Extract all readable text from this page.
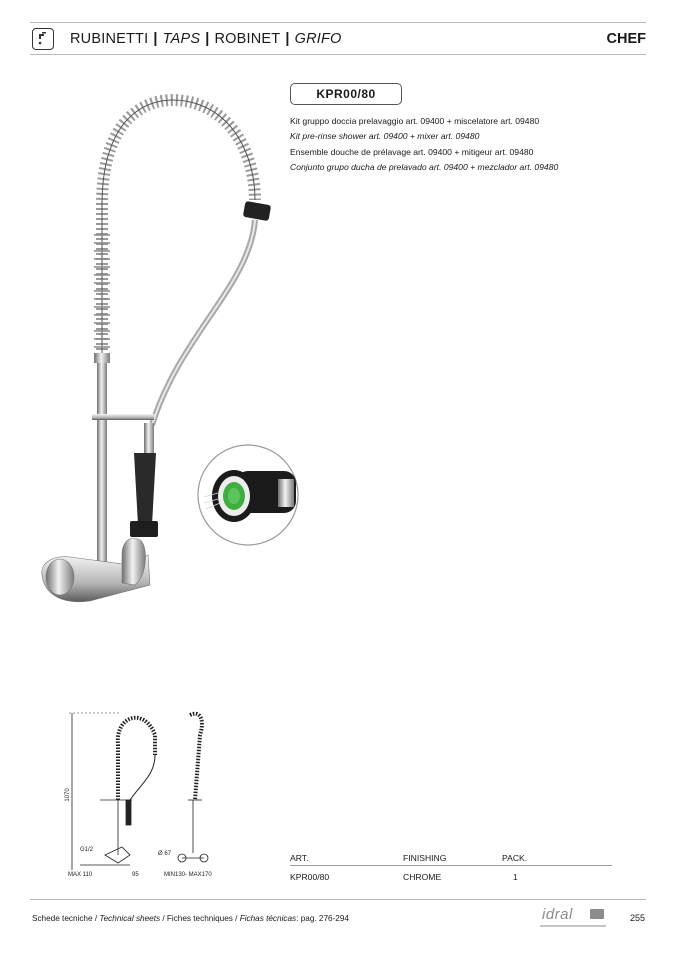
RUBINETTI | TAPS | ROBINET | GRIFO	CHEF
KPR00/80
Kit gruppo doccia prelavaggio art. 09400 + miscelatore art. 09480
Kit pre-rinse shower art. 09400 + mixer art. 09480
Ensemble douche de prélavage art. 09400 + mitigeur art. 09480
Conjunto grupo ducha de prelavado art. 09400 + mezclador art. 09480
1070
G1/2
Ø 67
MAX 110	95	MIN130- MAX170
ART.	FINISHING	PACK.
KPR00/80	CHROME	1
Schede tecniche / Technical sheets / Fiches techniques / Fichas técnicas: pag. 276-294	idral	255
